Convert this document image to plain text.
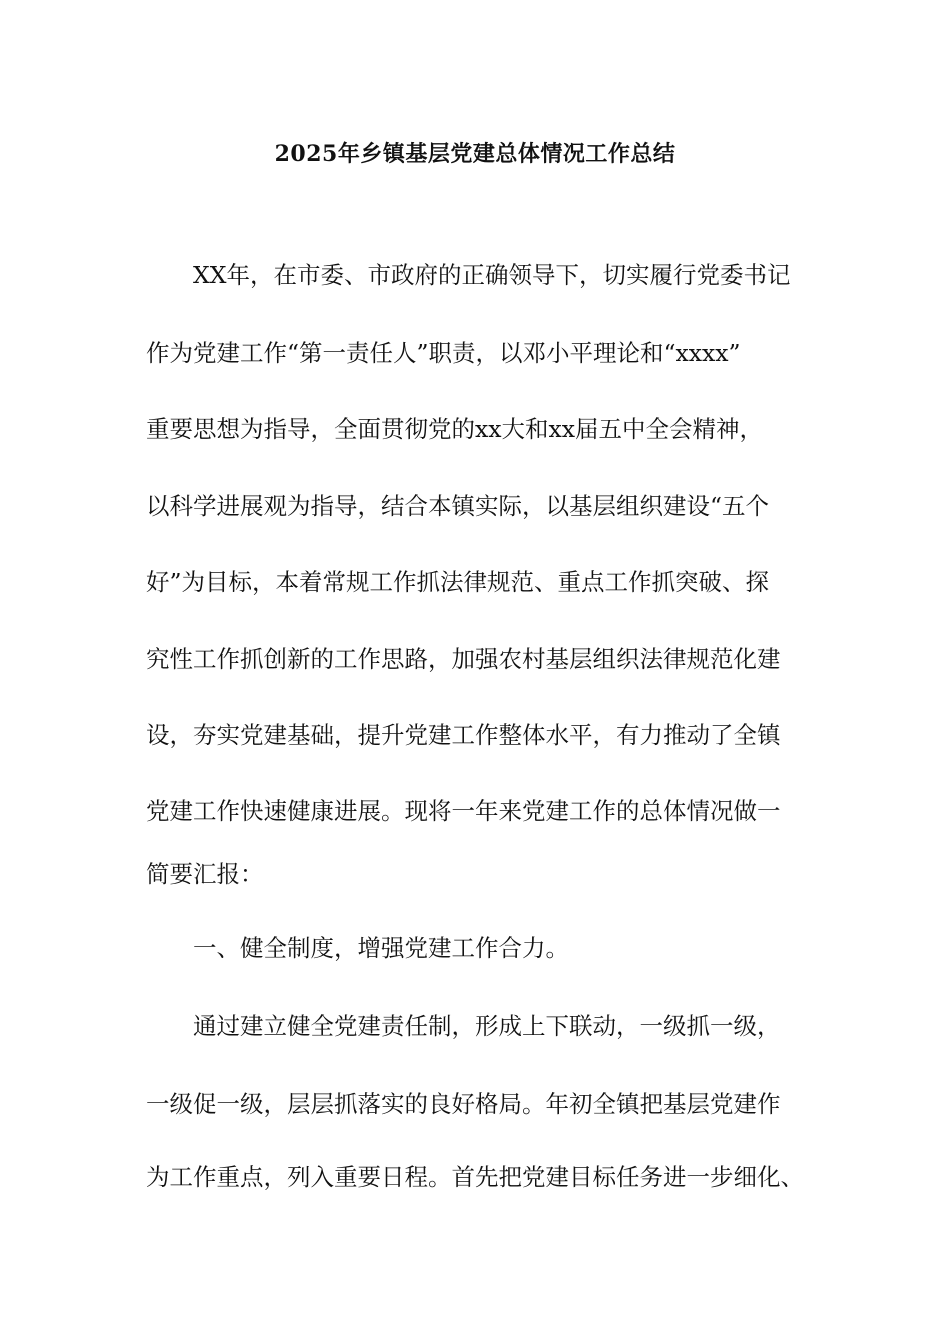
2025年乡镇基层党建总体情况工作总结

XX年，在市委、市政府的正确领导下，切实履行党委书记

作为党建工作“第一责任人”职责，以邓小平理论和“xxxx”

重要思想为指导，全面贯彻党的xx大和xx届五中全会精神，

以科学进展观为指导，结合本镇实际，以基层组织建设“五个

好”为目标，本着常规工作抓法律规范、重点工作抓突破、探

究性工作抓创新的工作思路，加强农村基层组织法律规范化建

设，夯实党建基础，提升党建工作整体水平，有力推动了全镇

党建工作快速健康进展。现将一年来党建工作的总体情况做一

简要汇报：

一、健全制度，增强党建工作合力。

通过建立健全党建责任制，形成上下联动，一级抓一级，

一级促一级，层层抓落实的良好格局。年初全镇把基层党建作

为工作重点，列入重要日程。首先把党建目标任务进一步细化、
